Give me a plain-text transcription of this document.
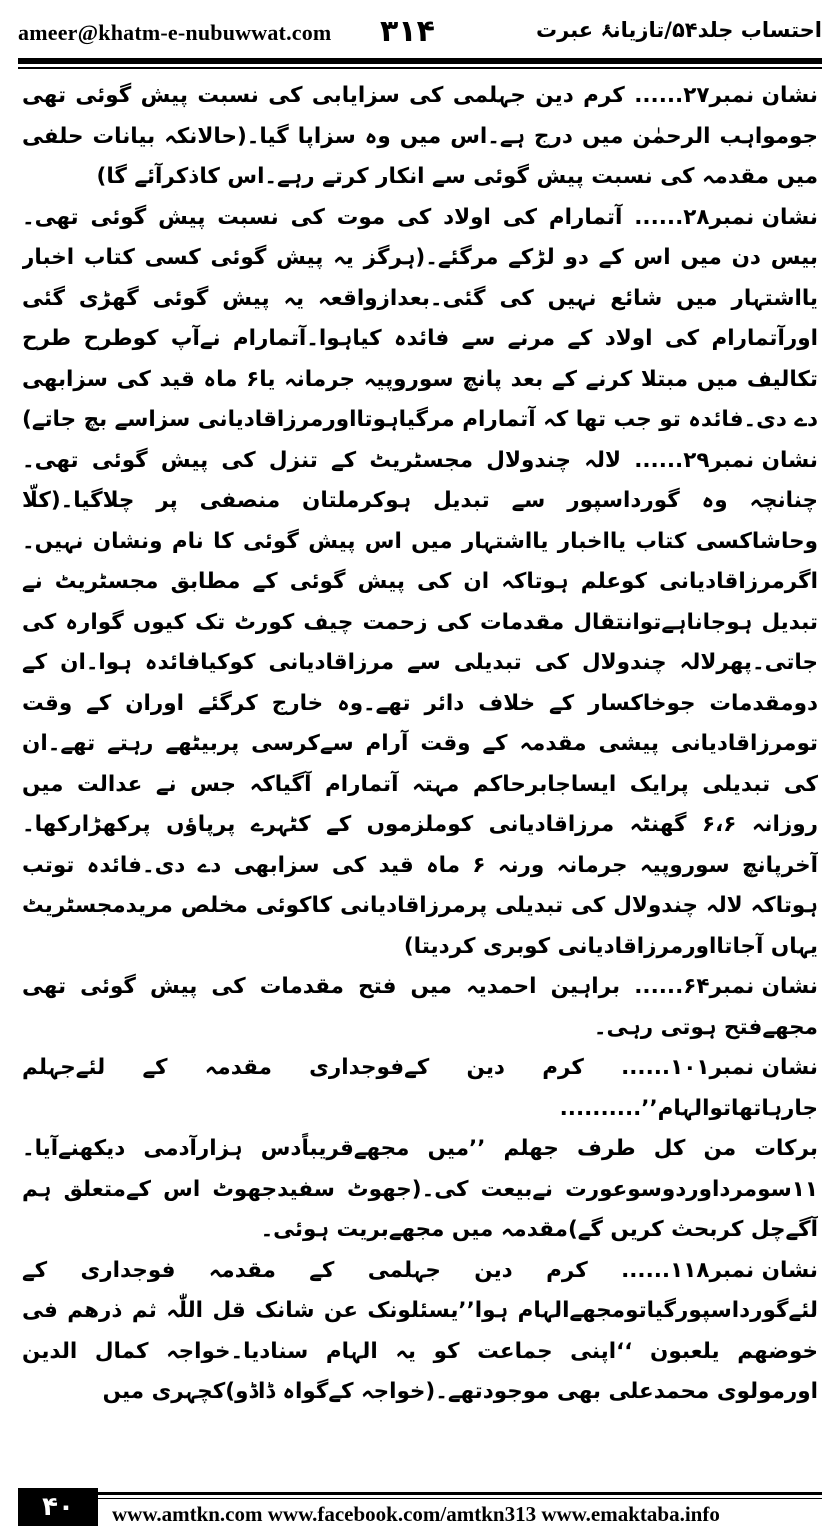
ameer@khatm-e-nubuwwat.com ۳۱۴	احتساب جلد۵۴/تازیانۂ عبرت

نشان نمبر۲۷...... کرم دین جہلمی کی سزایابی کی نسبت پیش گوئی تھی جومواہب الرحمٰن میں درج ہے۔اس میں وہ سزاپا گیا۔(حالانکہ بیانات حلفی میں مقدمہ کی نسبت پیش گوئی سے انکار کرتے رہے۔اس کاذکرآئے گا)

نشان نمبر۲۸...... آتمارام کی اولاد کی موت کی نسبت پیش گوئی تھی۔بیس دن میں اس کے دو لڑکے مرگئے۔(ہرگز یہ پیش گوئی کسی کتاب اخبار یااشتہار میں شائع نہیں کی گئی۔بعدازواقعہ یہ پیش گوئی گھڑی گئی اورآتمارام کی اولاد کے مرنے سے فائدہ کیاہوا۔آتمارام نےآپ کوطرح طرح تکالیف میں مبتلا کرنے کے بعد پانچ سوروپیہ جرمانہ یا۶ ماہ قید کی سزابھی دے دی۔فائدہ تو جب تھا کہ آتمارام مرگیاہوتااورمرزاقادیانی سزاسے بچ جاتے)

نشان نمبر۲۹...... لالہ چندولال مجسٹریٹ کے تنزل کی پیش گوئی تھی۔چنانچہ وہ گورداسپور سے تبدیل ہوکرملتان منصفی پر چلاگیا۔(کلّا وحاشاکسی کتاب یااخبار یااشتہار میں اس پیش گوئی کا نام ونشان نہیں۔اگرمرزاقادیانی کوعلم ہوتاکہ ان کی پیش گوئی کے مطابق مجسٹریٹ نے تبدیل ہوجاناہےتوانتقال مقدمات کی زحمت چیف کورٹ تک کیوں گوارہ کی جاتی۔پھرلالہ چندولال کی تبدیلی سے مرزاقادیانی کوکیافائدہ ہوا۔ان کے دومقدمات جوخاکسار کے خلاف دائر تھے۔وہ خارج کرگئے اوران کے وقت تومرزاقادیانی پیشی مقدمہ کے وقت آرام سےکرسی پربیٹھے رہتے تھے۔ان کی تبدیلی پرایک ایساجابرحاکم مہتہ آتمارام آگیاکہ جس نے عدالت میں روزانہ ۶،۶ گھنٹہ مرزاقادیانی کوملزموں کے کٹہرے پرپاؤں پرکھڑارکھا۔آخرپانچ سوروپیہ جرمانہ ورنہ ۶ ماہ قید کی سزابھی دے دی۔فائدہ توتب ہوتاکہ لالہ چندولال کی تبدیلی پرمرزاقادیانی کاکوئی مخلص مریدمجسٹریٹ یہاں آجاتااورمرزاقادیانی کوبری کردیتا)

نشان نمبر۶۴...... براہین احمدیہ میں فتح مقدمات کی پیش گوئی تھی مجھےفتح ہوتی رہی۔

نشان نمبر۱۰۱...... کرم دین کےفوجداری مقدمہ کے لئےجہلم جارہاتھاتوالہام’’..........

برکات من کل طرف جھلم ’’میں مجھےقریباًدس ہزارآدمی دیکھنےآیا۔۱۱سومرداوردوسوعورت نےبیعت کی۔(جھوٹ سفیدجھوٹ اس کےمتعلق ہم آگےچل کربحث کریں گے)مقدمہ میں مجھےبریت ہوئی۔

نشان نمبر۱۱۸...... کرم دین جہلمی کے مقدمہ فوجداری کے لئےگورداسپورگیاتومجھےالہام ہوا’’یسئلونک عن شانک قل اللّٰہ ثم ذرھم فی خوضھم یلعبون ‘‘اپنی جماعت کو یہ الہام سنادیا۔خواجہ کمال الدین اورمولوی محمدعلی بھی موجودتھے۔(خواجہ کےگواہ ڈاڈو)کچہری میں

۴۰	www.amtkn.com www.facebook.com/amtkn313 www.emaktaba.info
